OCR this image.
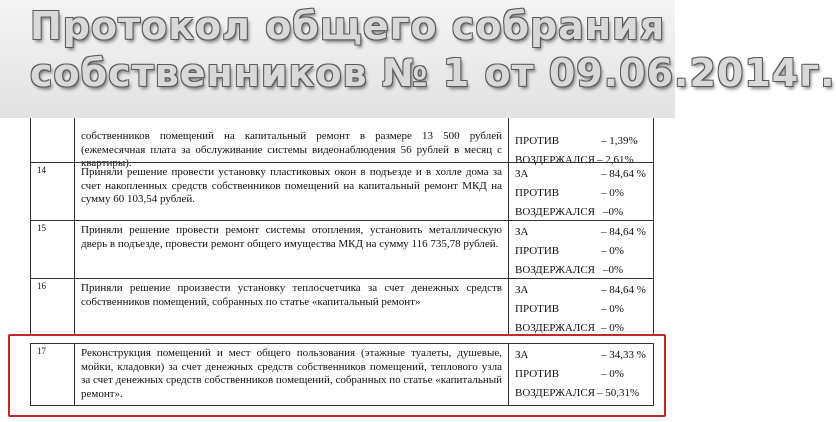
Протокол общего собрания
собственников № 1 от 09.06.2014г.
собственников помещений на капитальный ремонт в размере 13 500 рублей (ежемесячная плата за обслуживание системы видеонаблюдения 56 рублей в месяц с квартиры).
ПРОТИВ	– 1,39%
ВОЗДЕРЖАЛСЯ – 2,61%
14	Приняли решение провести установку пластиковых окон в подъезде и в холле дома за счет накопленных средств собственников помещений на капитальный ремонт МКД на сумму 60 103,54 рублей.
ЗА	– 84,64 %
ПРОТИВ	– 0%
ВОЗДЕРЖАЛСЯ –0%
15	Приняли решение провести ремонт системы отопления, установить металлическую дверь в подъезде, провести ремонт общего имущества МКД на сумму 116 735,78 рублей.
ЗА	– 84,64 %
ПРОТИВ	– 0%
ВОЗДЕРЖАЛСЯ –0%
16	Приняли решение произвести установку теплосчетчика за счет денежных средств собственников помещений, собранных по статье «капитальный ремонт»
ЗА	– 84,64 %
ПРОТИВ	– 0%
ВОЗДЕРЖАЛСЯ – 0%
17	Реконструкция помещений и мест общего пользования (этажные туалеты, душевые, мойки, кладовки) за счет денежных средств собственников помещений, теплового узла за счет денежных средств собственников помещений, собранных по статье «капитальный ремонт».
ЗА	– 34,33 %
ПРОТИВ	– 0%
ВОЗДЕРЖАЛСЯ – 50,31%
